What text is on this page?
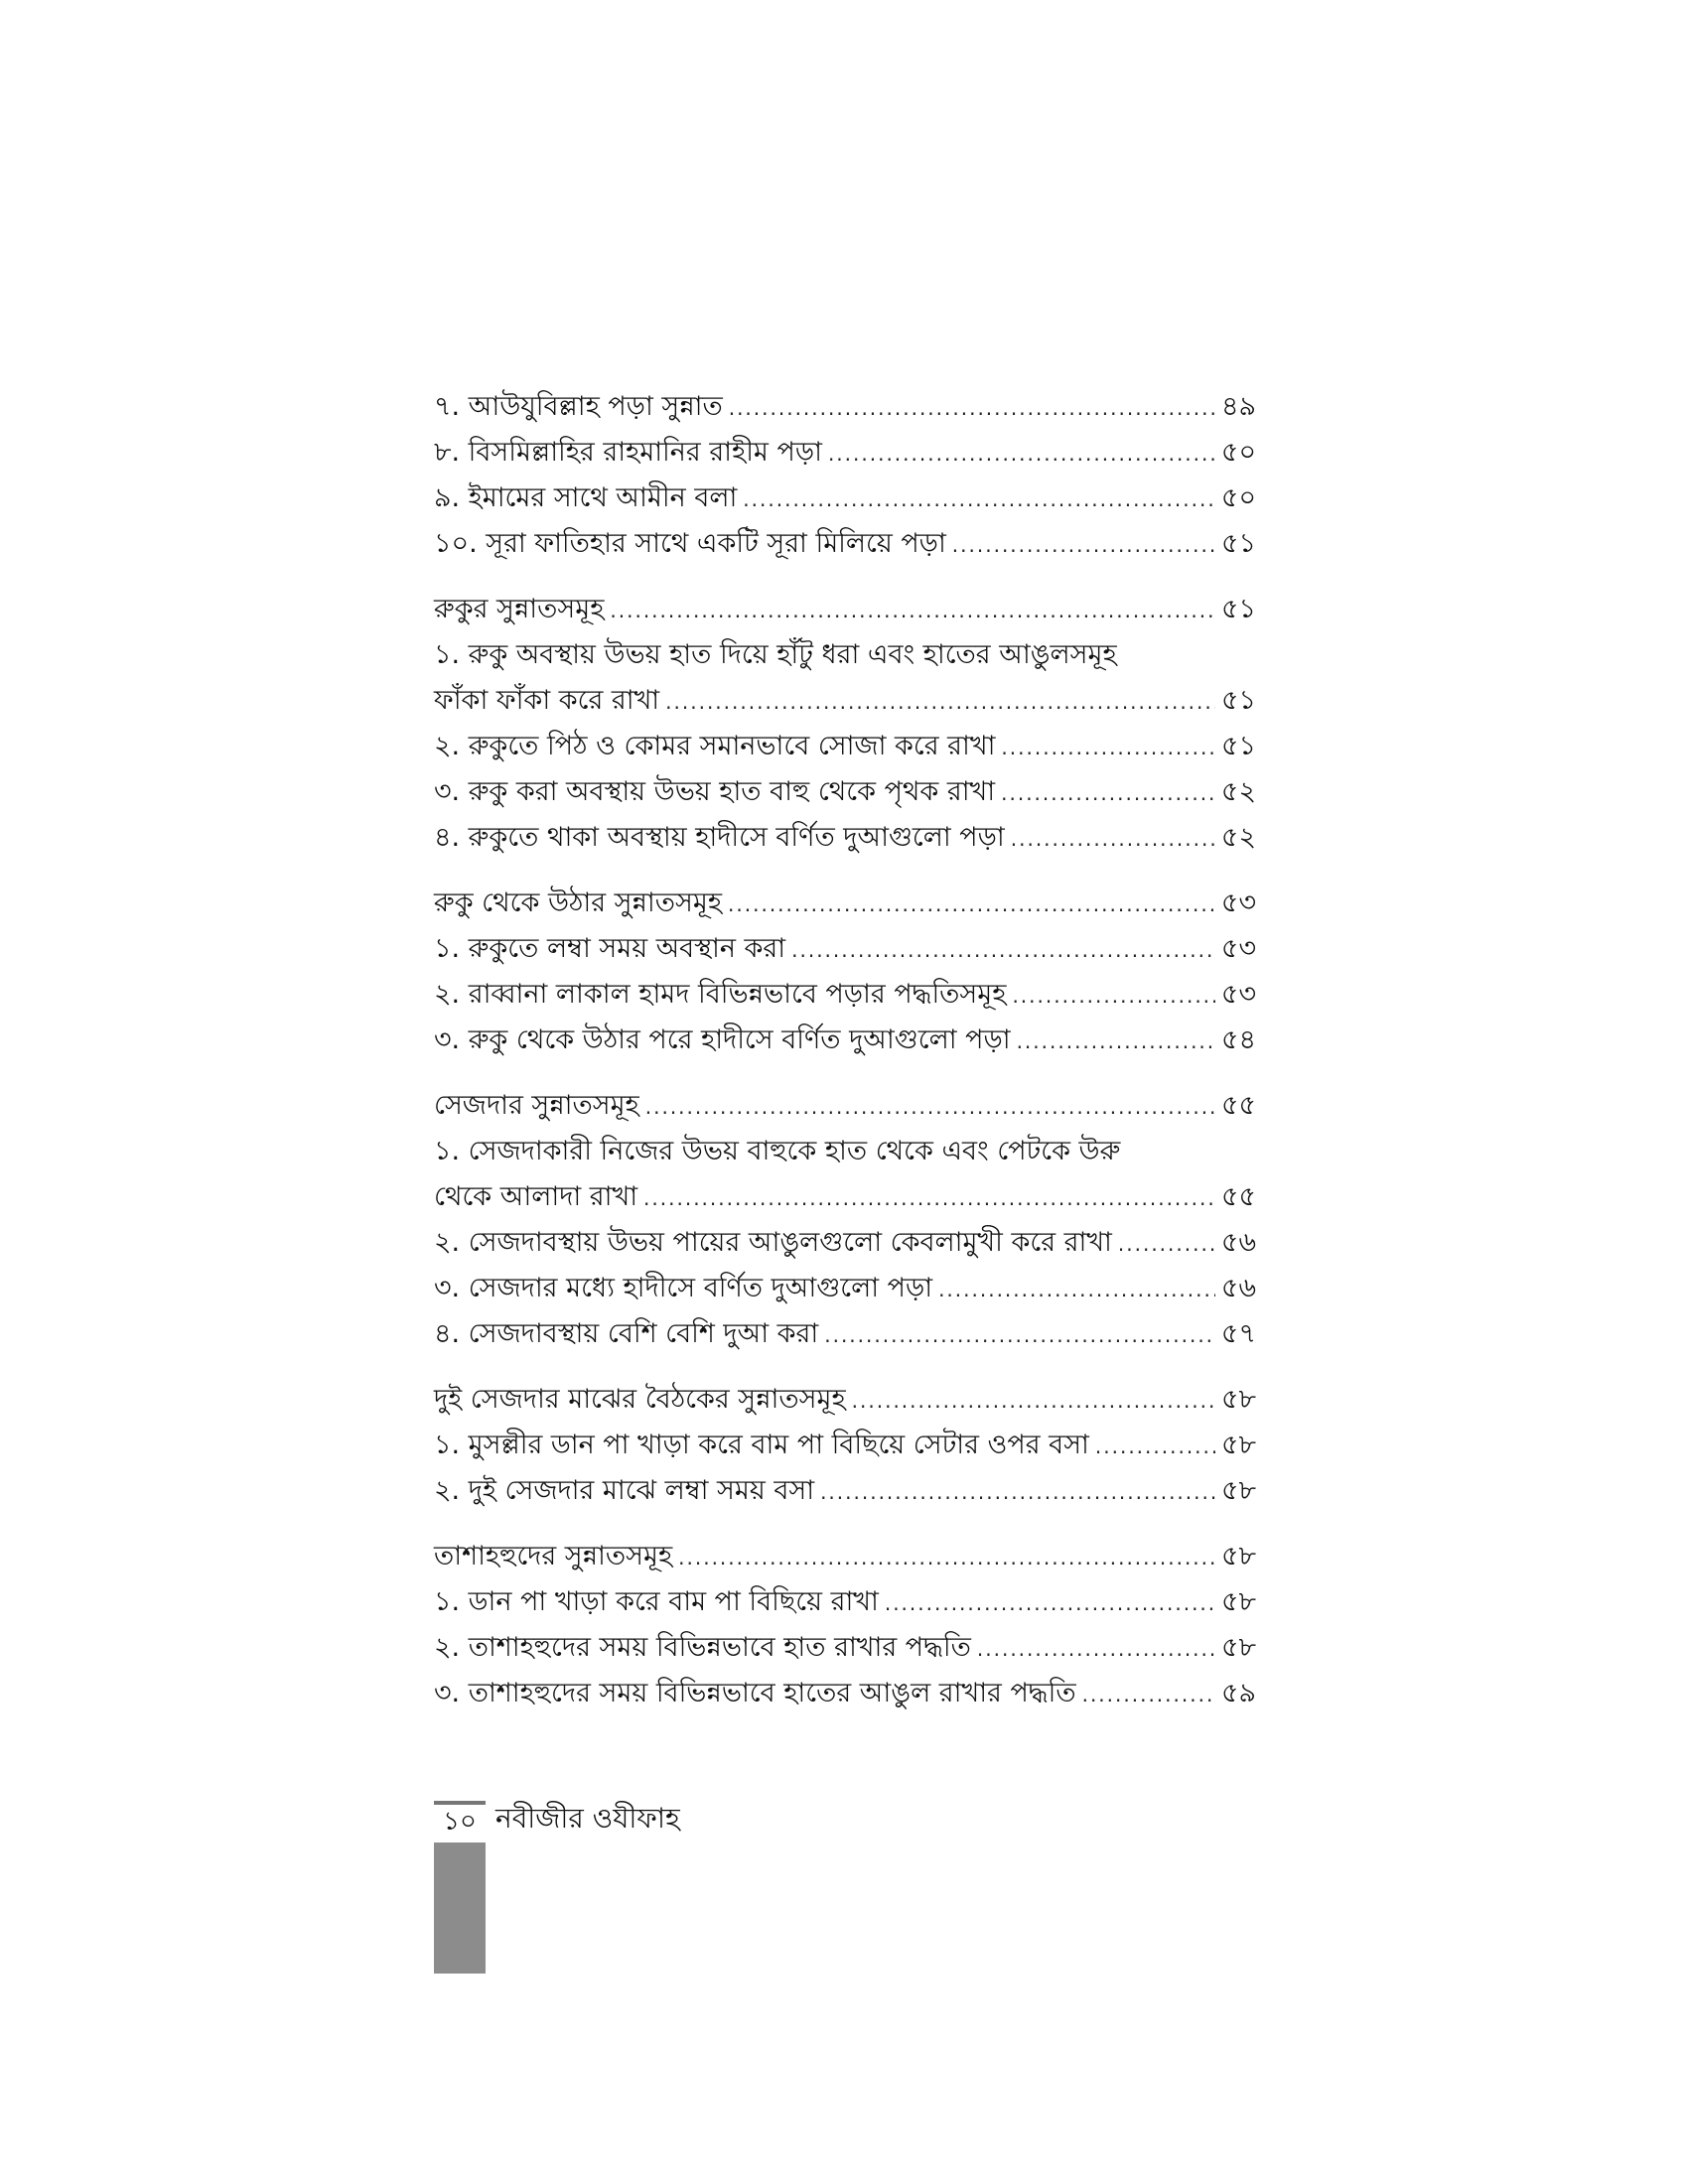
৭. আউযুবিল্লাহ পড়া সুন্নাত .....	৪৯
৮. বিসমিল্লাহির রাহমানির রাহীম পড়া .....	৫০
৯. ইমামের সাথে আমীন বলা .....	৫০
১০. সূরা ফাতিহার সাথে একটি সূরা মিলিয়ে পড়া .....	৫১
রুকুর সুন্নাতসমূহ .....	৫১
১. রুকু অবস্থায় উভয় হাত দিয়ে হাঁটু ধরা এবং হাতের আঙুলসমূহ
ফাঁকা ফাঁকা করে রাখা .....	৫১
২. রুকুতে পিঠ ও কোমর সমানভাবে সোজা করে রাখা .....	৫১
৩. রুকু করা অবস্থায় উভয় হাত বাহু থেকে পৃথক রাখা .....	৫২
৪. রুকুতে থাকা অবস্থায় হাদীসে বর্ণিত দুআগুলো পড়া .....	৫২
রুকু থেকে উঠার সুন্নাতসমূহ .....	৫৩
১. রুকুতে লম্বা সময় অবস্থান করা .....	৫৩
২. রাব্বানা লাকাল হামদ বিভিন্নভাবে পড়ার পদ্ধতিসমূহ .....	৫৩
৩. রুকু থেকে উঠার পরে হাদীসে বর্ণিত দুআগুলো পড়া .....	৫৪
সেজদার সুন্নাতসমূহ .....	৫৫
১. সেজদাকারী নিজের উভয় বাহুকে হাত থেকে এবং পেটকে উরু
থেকে আলাদা রাখা .....	৫৫
২. সেজদাবস্থায় উভয় পায়ের আঙুলগুলো কেবলামুখী করে রাখা .....	৫৬
৩. সেজদার মধ্যে হাদীসে বর্ণিত দুআগুলো পড়া .....	৫৬
৪. সেজদাবস্থায় বেশি বেশি দুআ করা .....	৫৭
দুই সেজদার মাঝের বৈঠকের সুন্নাতসমূহ .....	৫৮
১. মুসল্লীর ডান পা খাড়া করে বাম পা বিছিয়ে সেটার ওপর বসা .....	৫৮
২. দুই সেজদার মাঝে লম্বা সময় বসা .....	৫৮
তাশাহহুদের সুন্নাতসমূহ .....	৫৮
১. ডান পা খাড়া করে বাম পা বিছিয়ে রাখা .....	৫৮
২. তাশাহহুদের সময় বিভিন্নভাবে হাত রাখার পদ্ধতি .....	৫৮
৩. তাশাহহুদের সময় বিভিন্নভাবে হাতের আঙুল রাখার পদ্ধতি .....	৫৯
১০ নবীজীর ওযীফাহ
